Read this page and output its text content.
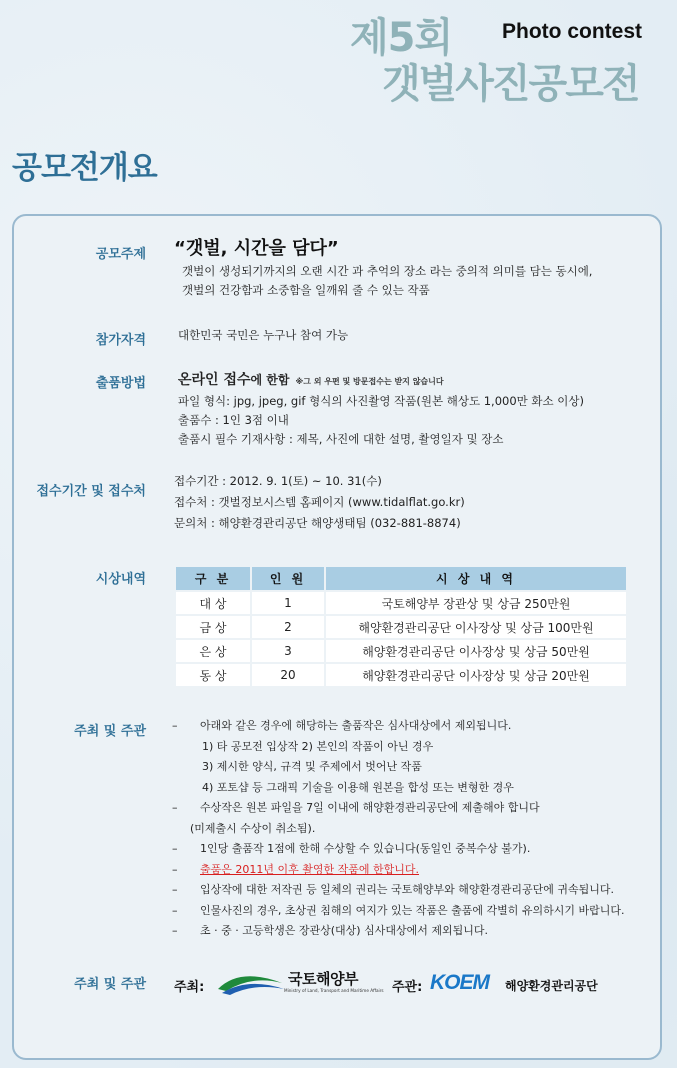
제5회 Photo contest
갯벌사진공모전
공모전개요
공모주제 “갯벌, 시간을 담다”
갯벌이 생성되기까지의 오랜 시간 과 추억의 장소 라는 중의적 의미를 담는 동시에,
갯벌의 건강함과 소중함을 일깨워 줄 수 있는 작품
참가자격	대한민국 국민은 누구나 참여 가능
출품방법 온라인 접수에 한함 ※그 외 우편 및 방문접수는 받지 않습니다
파일 형식: jpg, jpeg, gif 형식의 사진촬영 작품(원본 해상도 1,000만 화소 이상)
출품수 : 1인 3점 이내
출품시 필수 기재사항 : 제목, 사진에 대한 설명, 촬영일자 및 장소
접수기간 및 접수처
접수기간 : 2012. 9. 1(토) ~ 10. 31(수)
접수처 : 갯벌정보시스템 홈페이지 (www.tidalflat.go.kr)
문의처 : 해양환경관리공단 해양생태팀 (032-881-8874)
시상내역	구 분	인 원	시 상 내 역
대 상	1	국토해양부 장관상 및 상금 250만원
금 상	2	해양환경관리공단 이사장상 및 상금 100만원
은 상	3	해양환경관리공단 이사장상 및 상금 50만원
동 상	20	해양환경관리공단 이사장상 및 상금 20만원
주최 및 주관 –	아래와 같은 경우에 해당하는 출품작은 심사대상에서 제외됩니다.
1) 타 공모전 입상작 2) 본인의 작품이 아닌 경우
3) 제시한 양식, 규격 및 주제에서 벗어난 작품
4) 포토샵 등 그래픽 기술을 이용해 원본을 합성 또는 변형한 경우
–	수상작은 원본 파일을 7일 이내에 해양환경관리공단에 제출해야 합니다
(미제출시 수상이 취소됨).
–	1인당 출품작 1점에 한해 수상할 수 있습니다(동일인 중복수상 불가).
–	출품은 2011년 이후 촬영한 작품에 한합니다.
–	입상작에 대한 저작권 등 일체의 권리는 국토해양부와 해양환경관리공단에 귀속됩니다.
–	인물사진의 경우, 초상권 침해의 여지가 있는 작품은 출품에 각별히 유의하시기 바랍니다.
–	초 · 중 · 고등학생은 장관상(대상) 심사대상에서 제외됩니다.
주최 및 주관 주최:	국토해양부
Ministry of Land, Transport and Maritime Affairs 주관: KOEM 해양환경관리공단
